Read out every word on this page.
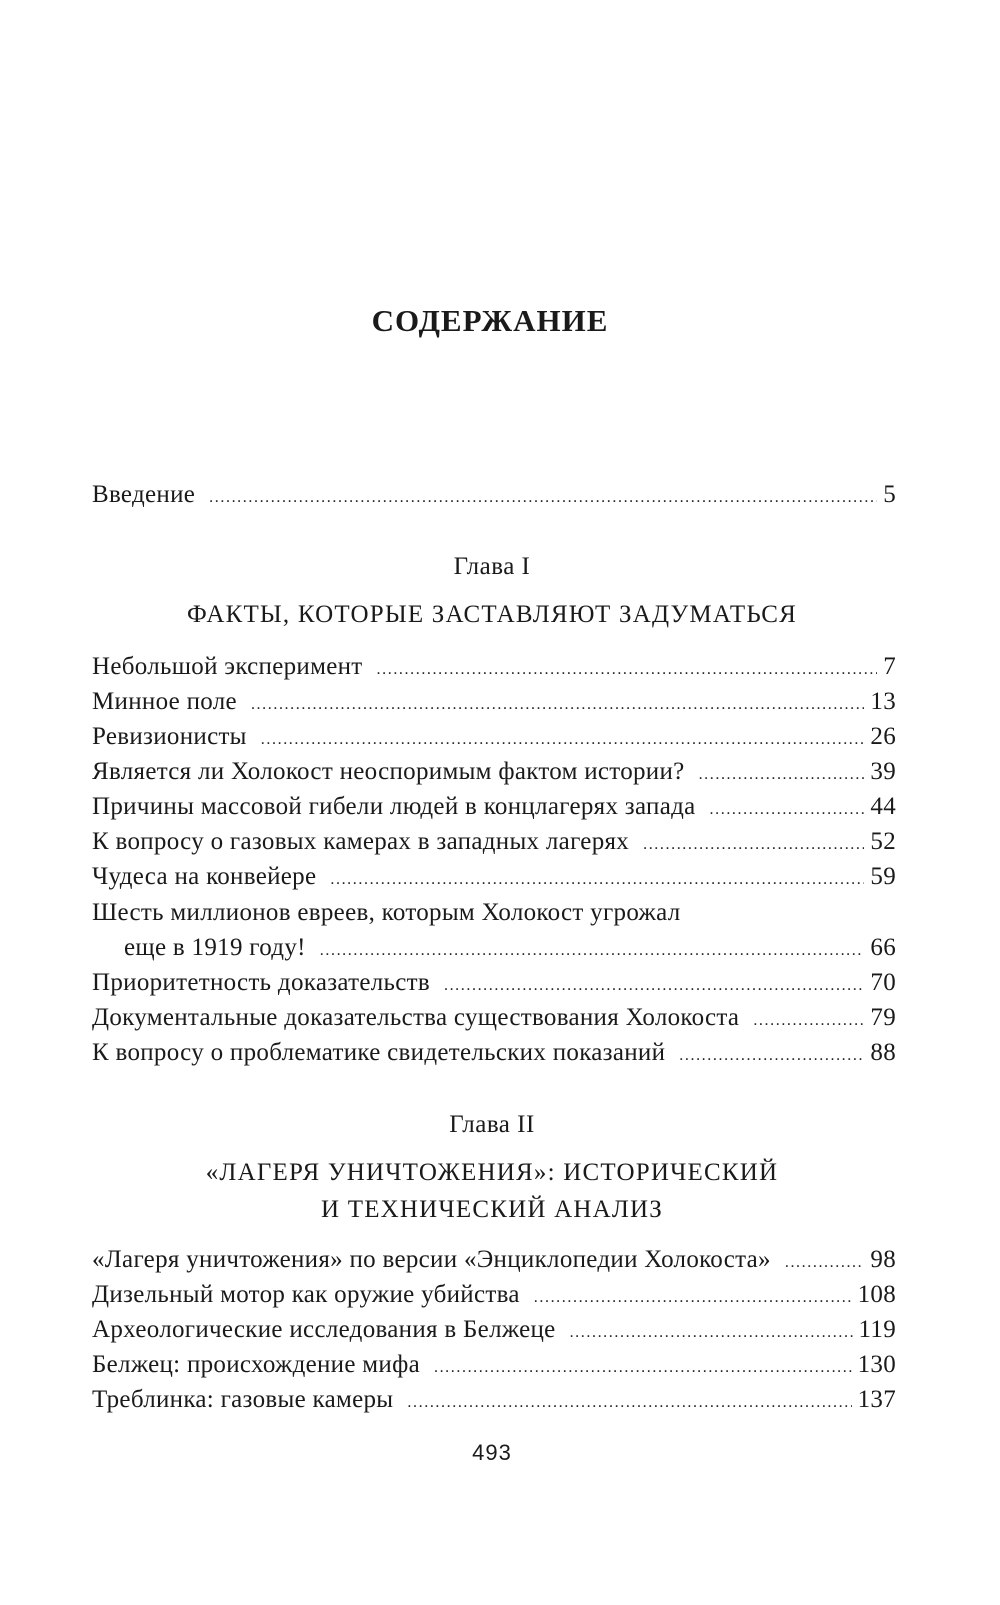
СОДЕРЖАНИЕ
Введение .....	5
Глава I
ФАКТЫ, КОТОРЫЕ ЗАСТАВЛЯЮТ ЗАДУМАТЬСЯ
Небольшой эксперимент .....	7
Минное поле .....	13
Ревизионисты .....	26
Является ли Холокост неоспоримым фактом истории? .....	39
Причины массовой гибели людей в концлагерях запада .....	44
К вопросу о газовых камерах в западных лагерях .....	52
Чудеса на конвейере .....	59
Шесть миллионов евреев, которым Холокост угрожал
еще в 1919 году! .....	66
Приоритетность доказательств .....	70
Документальные доказательства существования Холокоста .....	79
К вопросу о проблематике свидетельских показаний .....	88
Глава II
«ЛАГЕРЯ УНИЧТОЖЕНИЯ»: ИСТОРИЧЕСКИЙ
И ТЕХНИЧЕСКИЙ АНАЛИЗ
«Лагеря уничтожения» по версии «Энциклопедии Холокоста» .....	98
Дизельный мотор как оружие убийства .....	108
Археологические исследования в Белжеце .....	119
Белжец: происхождение мифа .....	130
Треблинка: газовые камеры .....	137
493
